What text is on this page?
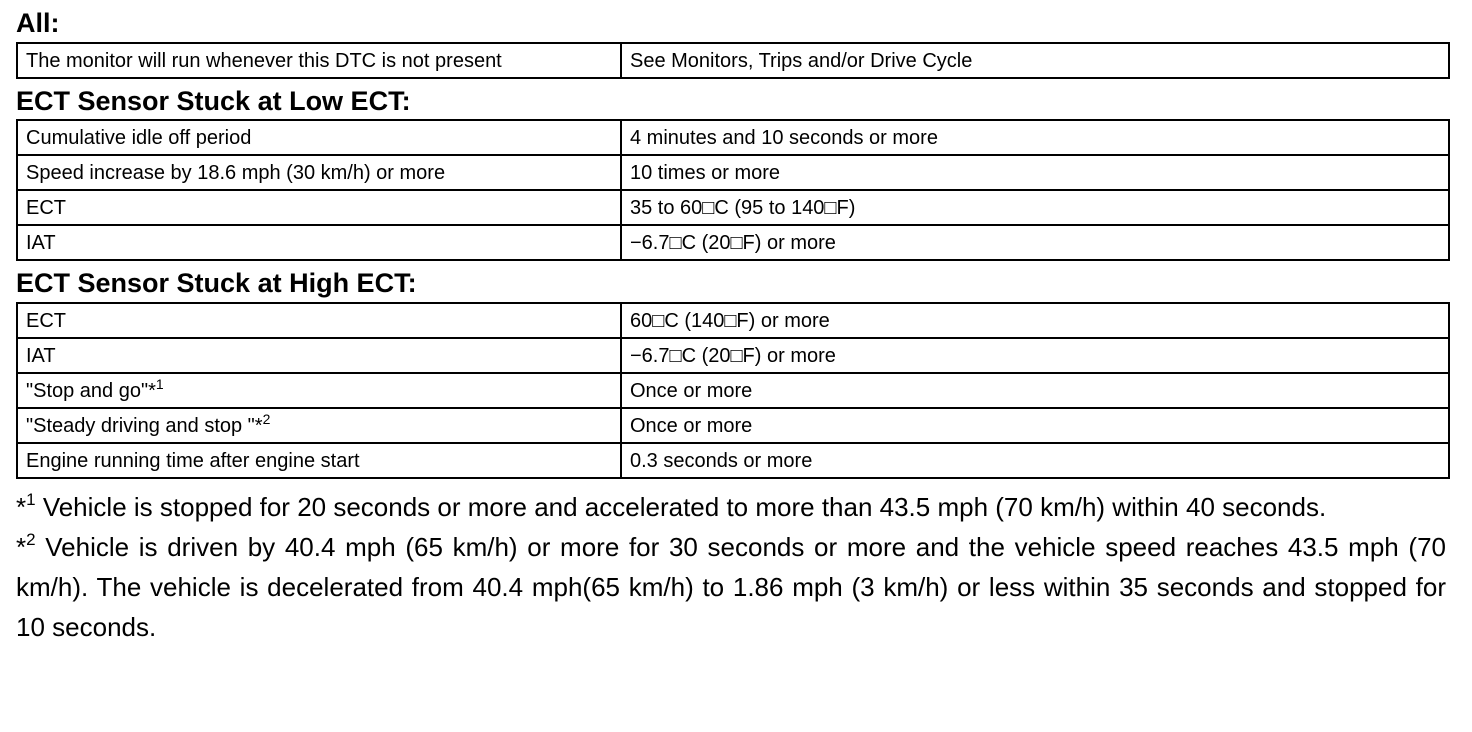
All:
The monitor will run whenever this DTC is not present	See Monitors, Trips and/or Drive Cycle
ECT Sensor Stuck at Low ECT:
Cumulative idle off period	4 minutes and 10 seconds or more
Speed increase by 18.6 mph (30 km/h) or more	10 times or more
ECT	35 to 60□C (95 to 140□F)
IAT	−6.7□C (20□F) or more
ECT Sensor Stuck at High ECT:
ECT	60□C (140□F) or more
IAT	−6.7□C (20□F) or more
"Stop and go"*$^1$	Once or more
"Steady driving and stop "*$^2$	Once or more
Engine running time after engine start	0.3 seconds or more

*$^1$ Vehicle is stopped for 20 seconds or more and accelerated to more than 43.5 mph (70 km/h) within 40 seconds.

*$^2$ Vehicle is driven by 40.4 mph (65 km/h) or more for 30 seconds or more and the vehicle speed reaches 43.5 mph (70 km/h). The vehicle is decelerated from 40.4 mph(65 km/h) to 1.86 mph (3 km/h) or less within 35 seconds and stopped for 10 seconds.
